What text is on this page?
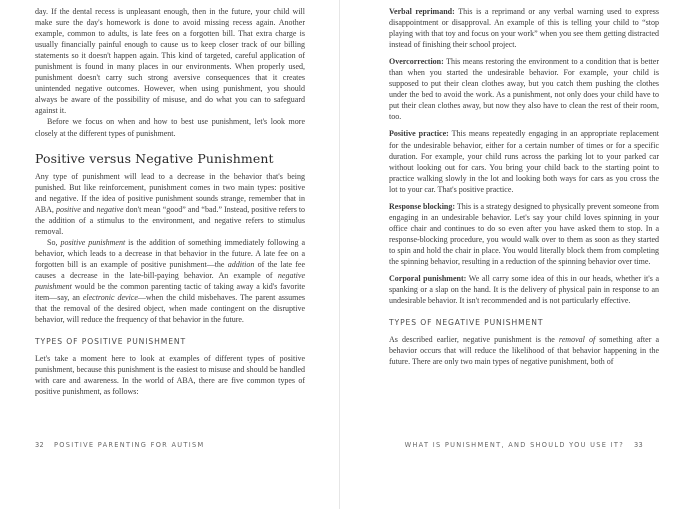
day. If the dental recess is unpleasant enough, then in the future, your child will make sure the day's homework is done to avoid missing recess again. Another example, common to adults, is late fees on a forgotten bill. That extra charge is usually financially painful enough to cause us to keep closer track of our billing statements so it doesn't happen again. This kind of targeted, careful application of punishment is found in many places in our environments. When properly used, punishment doesn't carry such strong aversive consequences that it creates unintended negative outcomes. However, when using punishment, you should always be aware of the possibility of misuse, and do what you can to safeguard against it.

Before we focus on when and how to best use punishment, let's look more closely at the different types of punishment.

Positive versus Negative Punishment

Any type of punishment will lead to a decrease in the behavior that's being punished. But like reinforcement, punishment comes in two main types: positive and negative. If the idea of positive punishment sounds strange, remember that in ABA, positive and negative don't mean “good” and “bad.” Instead, positive refers to the addition of a stimulus to the environment, and negative refers to stimulus removal.

So, positive punishment is the addition of something immediately following a behavior, which leads to a decrease in that behavior in the future. A late fee on a forgotten bill is an example of positive punishment—the addition of the late fee causes a decrease in the late-bill-paying behavior. An example of negative punishment would be the common parenting tactic of taking away a kid's favorite item—say, an electronic device—when the child misbehaves. The parent assumes that the removal of the desired object, when made contingent on the disruptive behavior, will reduce the frequency of that behavior in the future.

TYPES OF POSITIVE PUNISHMENT

Let's take a moment here to look at examples of different types of positive punishment, because this punishment is the easiest to misuse and should be handled with care and awareness. In the world of ABA, there are five common types of positive punishment, as follows:

32 POSITIVE PARENTING FOR AUTISM

Verbal reprimand: This is a reprimand or any verbal warning used to express disappointment or disapproval. An example of this is telling your child to “stop playing with that toy and focus on your work” when you see them getting distracted instead of finishing their school project.

Overcorrection: This means restoring the environment to a condition that is better than when you started the undesirable behavior. For example, your child is supposed to put their clean clothes away, but you catch them pushing the clothes under the bed to avoid the work. As a punishment, not only does your child have to put their clean clothes away, but now they also have to clean the rest of their room, too.

Positive practice: This means repeatedly engaging in an appropriate replacement for the undesirable behavior, either for a certain number of times or for a specific duration. For example, your child runs across the parking lot to your parked car without looking out for cars. You bring your child back to the starting point to practice walking slowly in the lot and looking both ways for cars as you cross the lot to your car. That's positive practice.

Response blocking: This is a strategy designed to physically prevent someone from engaging in an undesirable behavior. Let's say your child loves spinning in your office chair and continues to do so even after you have asked them to stop. In a response-blocking procedure, you would walk over to them as soon as they started to spin and hold the chair in place. You would literally block them from completing the spinning behavior, resulting in a reduction of the spinning behavior over time.

Corporal punishment: We all carry some idea of this in our heads, whether it's a spanking or a slap on the hand. It is the delivery of physical pain in response to an undesirable behavior. It isn't recommended and is not particularly effective.

TYPES OF NEGATIVE PUNISHMENT

As described earlier, negative punishment is the removal of something after a behavior occurs that will reduce the likelihood of that behavior happening in the future. There are only two main types of negative punishment, both of

WHAT IS PUNISHMENT, AND SHOULD YOU USE IT? 33
